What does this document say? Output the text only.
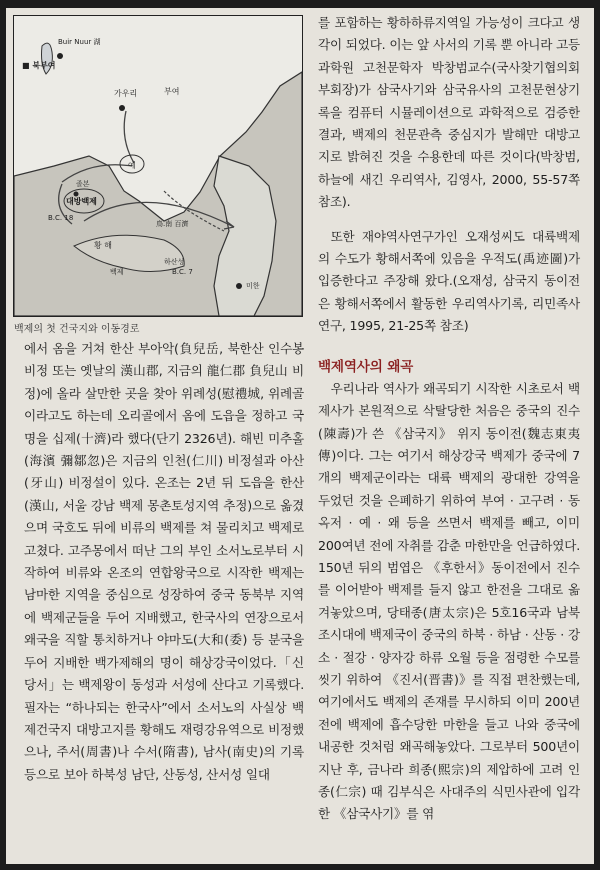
Buir Nuur 湖
■ 북부여
가우리	부여
예
졸본
대방백제
B.C. 18
鳥.南 百濟
황 해
하산성
B.C. 7
미한
백제
백제의 첫 건국지와 이동경로

에서 옴을 거쳐 한산 부아악(負兒岳, 북한산 인수봉 비정 또는 옛날의 漢山郡, 지금의 龍仁郡 負兒山 비정)에 올라 살만한 곳을 찾아 위례성(慰禮城, 위례골이라고도 하는데 오리골에서 옴에 도읍을 정하고 국명을 십제(十濟)라 했다(단기 2326년). 해빈 미추홀(海濱 彌鄒忽)은 지금의 인천(仁川) 비정설과 아산(牙山) 비정설이 있다. 온조는 2년 뒤 도읍을 한산(漢山, 서울 강남 백제 몽촌토성지역 추정)으로 옮겼으며 국호도 뒤에 비류의 백제를 쳐 물리치고 백제로 고쳤다. 고주몽에서 떠난 그의 부인 소서노로부터 시작하여 비류와 온조의 연합왕국으로 시작한 백제는 남마한 지역을 중심으로 성장하여 중국 동북부 지역에 백제군들을 두어 지배했고, 한국사의 연장으로서 왜국을 직할 통치하거나 야마도(大和(委) 등 분국을 두어 지배한 백가제해의 명이 해상강국이었다.「신당서」는 백제왕이 동성과 서성에 산다고 기록했다. 필자는 “하나되는 한국사”에서 소서노의 사실상 백제건국지 대방고지를 황해도 재령강유역으로 비정했으나, 주서(周書)나 수서(隋書), 남사(南史)의 기록 등으로 보아 하북성 남단, 산동성, 산서성 일대

를 포함하는 황하하류지역일 가능성이 크다고 생각이 되었다. 이는 앞 사서의 기록 뿐 아니라 고등과학원 고천문학자 박창범교수(국사찾기협의회 부회장)가 삼국사기와 삼국유사의 고천문현상기록을 컴퓨터 시뮬레이션으로 과학적으로 검증한 결과, 백제의 천문관측 중심지가 발해만 대방고지로 밝혀진 것을 수용한데 따른 것이다(박창범, 하늘에 새긴 우리역사, 김영사, 2000, 55-57쪽 참조).

또한 재야역사연구가인 오재성씨도 대륙백제의 수도가 황해서쪽에 있음을 우적도(禹迹圖)가 입증한다고 주장해 왔다.(오재성, 삼국지 동이전은 황해서쪽에서 활동한 우리역사기록, 리민족사연구, 1995, 21-25쪽 참조)

백제역사의 왜곡

우리나라 역사가 왜곡되기 시작한 시초로서 백제사가 본원적으로 삭탈당한 처음은 중국의 진수(陳壽)가 쓴 《삼국지》 위지 동이전(魏志東夷傳)이다. 그는 여기서 해상강국 백제가 중국에 7개의 백제군이라는 대륙 백제의 광대한 강역을 두었던 것을 은폐하기 위하여 부여 · 고구려 · 동옥저 · 예 · 왜 등을 쓰면서 백제를 빼고, 이미 200여년 전에 자취를 감춘 마한만을 언급하였다. 150년 뒤의 범엽은 《후한서》동이전에서 진수를 이어받아 백제를 들지 않고 한전을 그대로 옮겨놓았으며, 당태종(唐太宗)은 5호16국과 남북조시대에 백제국이 중국의 하북 · 하남 · 산동 · 강소 · 절강 · 양자강 하류 오월 등을 점령한 수모를 씻기 위하여 《진서(晋書)》를 직접 편찬했는데, 여기에서도 백제의 존재를 무시하되 이미 200년 전에 백제에 흡수당한 마한을 들고 나와 중국에 내공한 것처럼 왜곡해놓았다. 그로부터 500년이 지난 후, 금나라 희종(熙宗)의 제압하에 고려 인종(仁宗) 때 김부식은 사대주의 식민사관에 입각한 《삼국사기》를 엮
